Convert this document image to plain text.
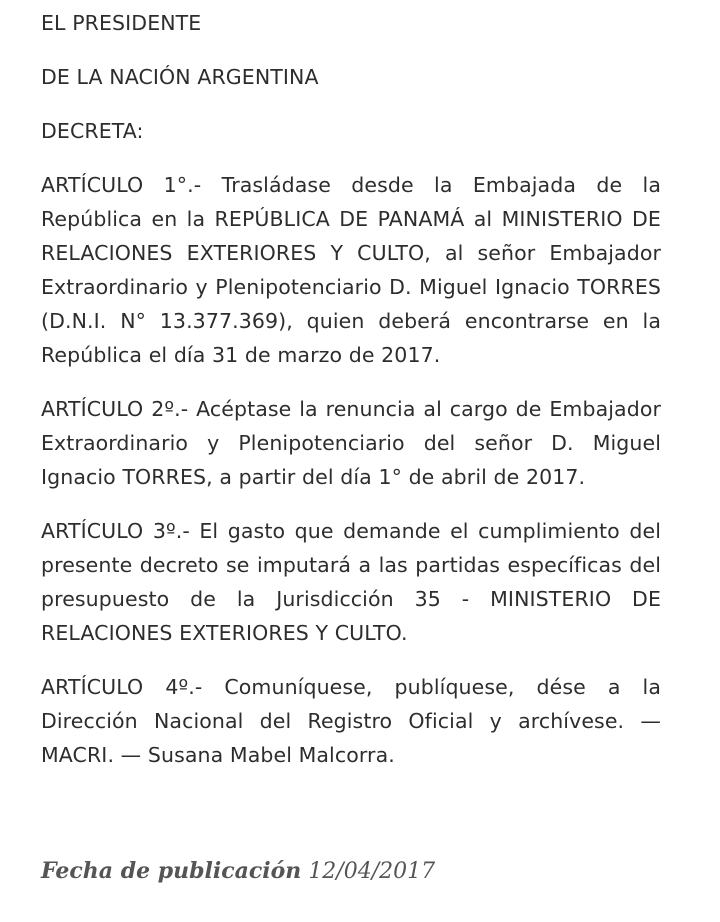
EL PRESIDENTE

DE LA NACIÓN ARGENTINA

DECRETA:

ARTÍCULO 1°.- Trasládase desde la Embajada de la República en la REPÚBLICA DE PANAMÁ al MINISTERIO DE RELACIONES EXTERIORES Y CULTO, al señor Embajador Extraordinario y Plenipotenciario D. Miguel Ignacio TORRES (D.N.I. N° 13.377.369), quien deberá encontrarse en la República el día 31 de marzo de 2017.

ARTÍCULO 2º.- Acéptase la renuncia al cargo de Embajador Extraordinario y Plenipotenciario del señor D. Miguel Ignacio TORRES, a partir del día 1° de abril de 2017.

ARTÍCULO 3º.- El gasto que demande el cumplimiento del presente decreto se imputará a las partidas específicas del presupuesto de la Jurisdicción 35 - MINISTERIO DE RELACIONES EXTERIORES Y CULTO.

ARTÍCULO 4º.- Comuníquese, publíquese, dése a la Dirección Nacional del Registro Oficial y archívese. — MACRI. — Susana Mabel Malcorra.

Fecha de publicación 12/04/2017
